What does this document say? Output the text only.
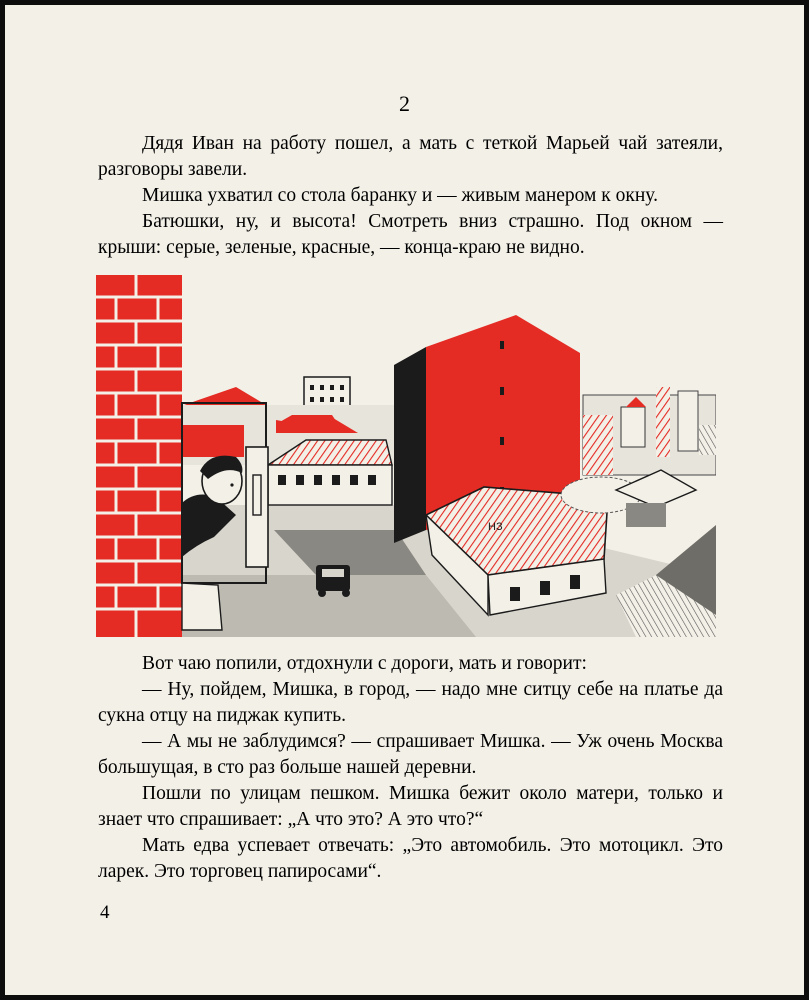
2

Дядя Иван на работу пошел, а мать с теткой Марьей чай затеяли, разговоры завели.

Мишка ухватил со стола баранку и — живым манером к окну.

Батюшки, ну, и высота! Смотреть вниз страшно. Под окном — крыши: серые, зеленые, красные, — конца-краю не видно.

НЗ

Вот чаю попили, отдохнули с дороги, мать и говорит:

— Ну, пойдем, Мишка, в город, — надо мне ситцу себе на платье да сукна отцу на пиджак купить.

— А мы не заблудимся? — спрашивает Мишка. — Уж очень Москва большущая, в сто раз больше нашей деревни.

Пошли по улицам пешком. Мишка бежит около матери, только и знает что спрашивает: „А что это? А это что?“

Мать едва успевает отвечать: „Это автомобиль. Это мотоцикл. Это ларек. Это торговец папиросами“.

4
